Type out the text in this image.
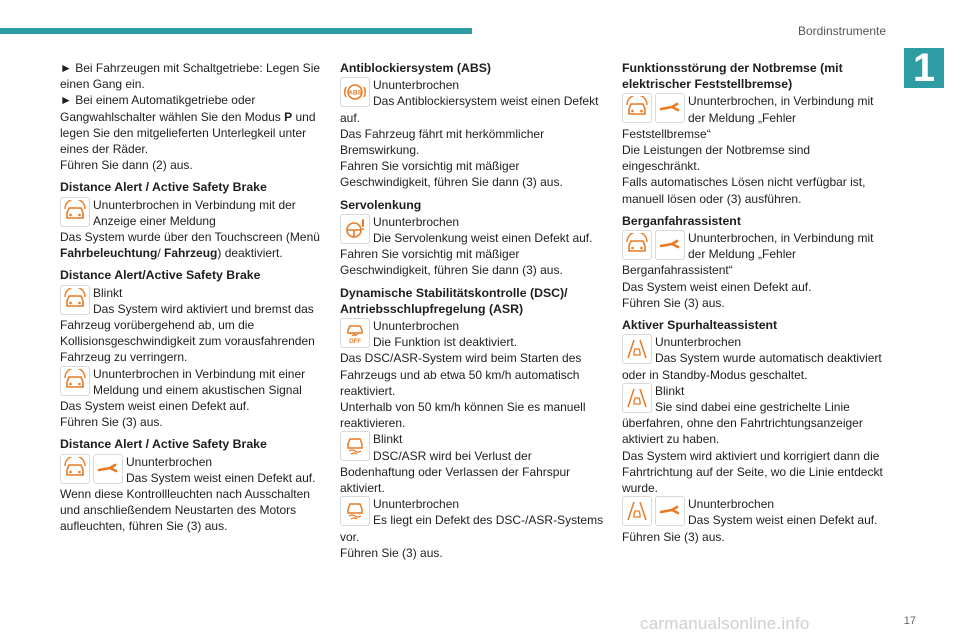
Bordinstrumente
1

► Bei Fahrzeugen mit Schaltgetriebe: Legen Sie einen Gang ein.

► Bei einem Automatikgetriebe oder Gangwahlschalter wählen Sie den Modus P und legen Sie den mitgelieferten Unterlegkeil unter eines der Räder.

Führen Sie dann (2) aus.

Distance Alert / Active Safety Brake
Ununterbrochen in Verbindung mit der Anzeige einer Meldung

Das System wurde über den Touchscreen (Menü Fahrbeleuchtung/ Fahrzeug) deaktiviert.

Distance Alert/Active Safety Brake
Blinkt
Das System wird aktiviert und bremst das Fahrzeug vorübergehend ab, um die Kollisionsgeschwindigkeit zum vorausfahrenden Fahrzeug zu verringern.
Ununterbrochen in Verbindung mit einer Meldung und einem akustischen Signal

Das System weist einen Defekt auf.

Führen Sie (3) aus.

Distance Alert / Active Safety Brake
Ununterbrochen
Das System weist einen Defekt auf.

Wenn diese Kontrollleuchten nach Ausschalten und anschließendem Neustarten des Motors aufleuchten, führen Sie (3) aus.

Antiblockiersystem (ABS)
Ununterbrochen
Das Antiblockiersystem weist einen Defekt auf.

Das Fahrzeug fährt mit herkömmlicher Bremswirkung.

Fahren Sie vorsichtig mit mäßiger Geschwindigkeit, führen Sie dann (3) aus.

Servolenkung
Ununterbrochen
Die Servolenkung weist einen Defekt auf.

Fahren Sie vorsichtig mit mäßiger Geschwindigkeit, führen Sie dann (3) aus.

Dynamische Stabilitätskontrolle (DSC)/ Antriebsschlupfregelung (ASR)
Ununterbrochen
Die Funktion ist deaktiviert.

Das DSC/ASR-System wird beim Starten des Fahrzeugs und ab etwa 50 km/h automatisch reaktiviert.

Unterhalb von 50 km/h können Sie es manuell reaktivieren.

Blinkt
DSC/ASR wird bei Verlust der Bodenhaftung oder Verlassen der Fahrspur aktiviert.
Ununterbrochen
Es liegt ein Defekt des DSC-/ASR-Systems vor.

Führen Sie (3) aus.

Funktionsstörung der Notbremse (mit elektrischer Feststellbremse)
Ununterbrochen, in Verbindung mit der Meldung „Fehler Feststellbremse“

Die Leistungen der Notbremse sind eingeschränkt.

Falls automatisches Lösen nicht verfügbar ist, manuell lösen oder (3) ausführen.

Berganfahrassistent
Ununterbrochen, in Verbindung mit der Meldung „Fehler Berganfahrassistent“

Das System weist einen Defekt auf.

Führen Sie (3) aus.

Aktiver Spurhalteassistent
Ununterbrochen
Das System wurde automatisch deaktiviert oder in Standby-Modus geschaltet.
Blinkt
Sie sind dabei eine gestrichelte Linie überfahren, ohne den Fahrtrichtungsanzeiger aktiviert zu haben.

Das System wird aktiviert und korrigiert dann die Fahrtrichtung auf der Seite, wo die Linie entdeckt wurde.

Ununterbrochen
Das System weist einen Defekt auf.

Führen Sie (3) aus.

carmanualsonline.info	17
